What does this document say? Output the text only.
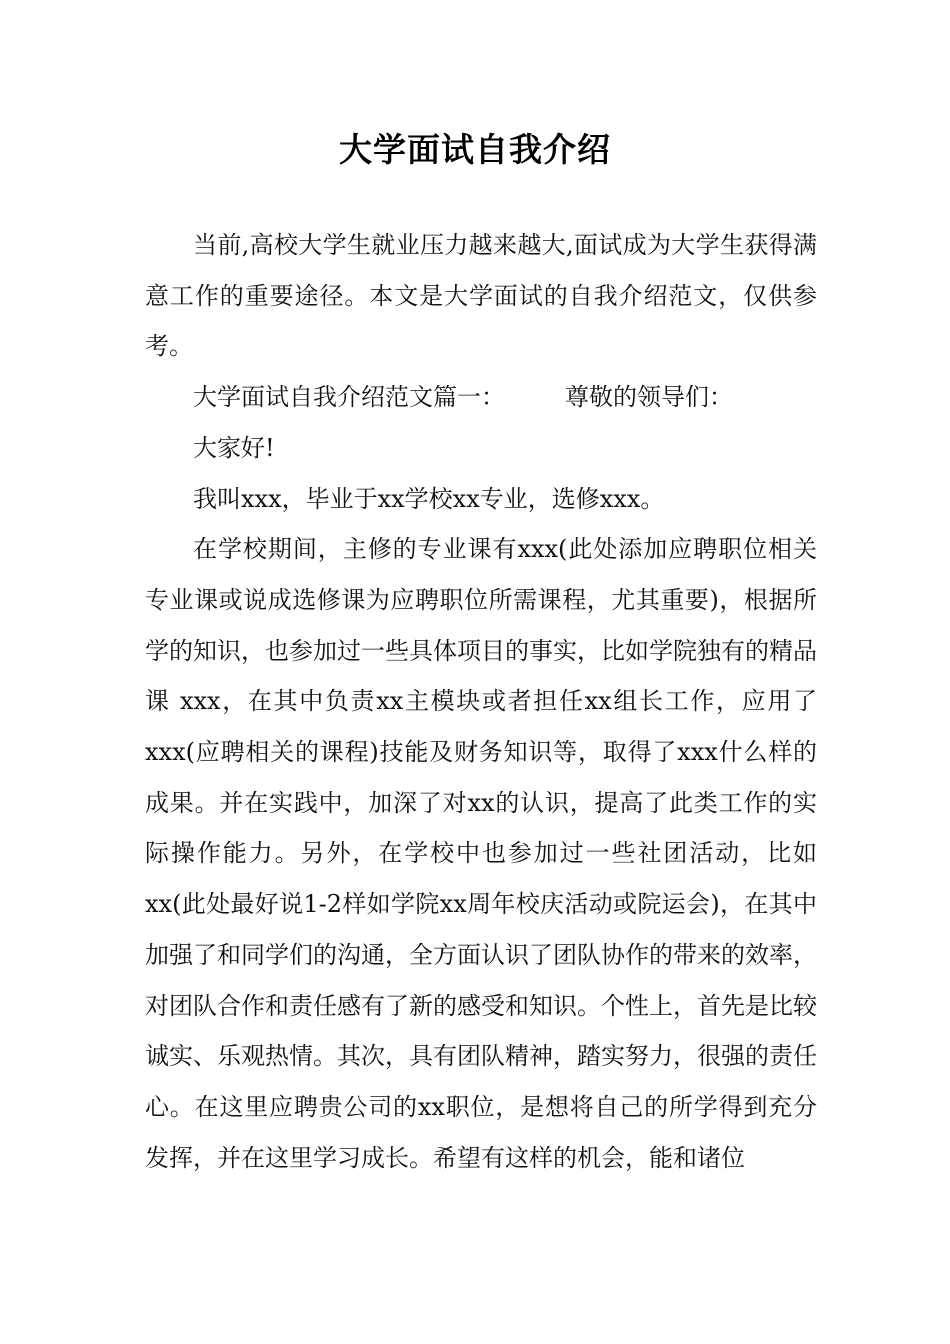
大学面试自我介绍

当前,高校大学生就业压力越来越大,面试成为大学生获得满意工作的重要途径。本文是大学面试的自我介绍范文，仅供参考。

大学面试自我介绍范文篇一：	尊敬的领导们：

大家好!

我叫xxx，毕业于xx学校xx专业，选修xxx。

在学校期间，主修的专业课有xxx(此处添加应聘职位相关专业课或说成选修课为应聘职位所需课程，尤其重要)，根据所学的知识，也参加过一些具体项目的事实，比如学院独有的精品课 xxx，在其中负责xx主模块或者担任xx组长工作，应用了xxx(应聘相关的课程)技能及财务知识等，取得了xxx什么样的成果。并在实践中，加深了对xx的认识，提高了此类工作的实际操作能力。另外，在学校中也参加过一些社团活动，比如xx(此处最好说1-2样如学院xx周年校庆活动或院运会)，在其中加强了和同学们的沟通，全方面认识了团队协作的带来的效率，对团队合作和责任感有了新的感受和知识。个性上，首先是比较诚实、乐观热情。其次，具有团队精神，踏实努力，很强的责任心。在这里应聘贵公司的xx职位，是想将自己的所学得到充分发挥，并在这里学习成长。希望有这样的机会，能和诸位
